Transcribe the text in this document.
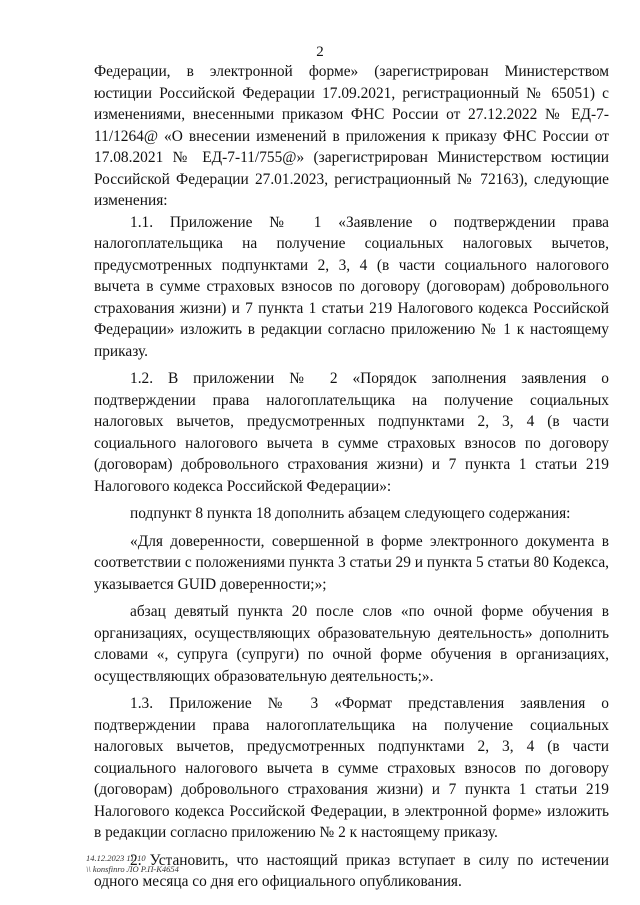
2

Федерации, в электронной форме» (зарегистрирован Министерством юстиции Российской Федерации 17.09.2021, регистрационный № 65051) с изменениями, внесенными приказом ФНС России от 27.12.2022 № ЕД-7-11/1264@ «О внесении изменений в приложения к приказу ФНС России от 17.08.2021 № ЕД-7-11/755@» (зарегистрирован Министерством юстиции Российской Федерации 27.01.2023, регистрационный № 72163), следующие изменения:

1.1. Приложение № 1 «Заявление о подтверждении права налогоплательщика на получение социальных налоговых вычетов, предусмотренных подпунктами 2, 3, 4 (в части социального налогового вычета в сумме страховых взносов по договору (договорам) добровольного страхования жизни) и 7 пункта 1 статьи 219 Налогового кодекса Российской Федерации» изложить в редакции согласно приложению № 1 к настоящему приказу.

1.2. В приложении № 2 «Порядок заполнения заявления о подтверждении права налогоплательщика на получение социальных налоговых вычетов, предусмотренных подпунктами 2, 3, 4 (в части социального налогового вычета в сумме страховых взносов по договору (договорам) добровольного страхования жизни) и 7 пункта 1 статьи 219 Налогового кодекса Российской Федерации»:

подпункт 8 пункта 18 дополнить абзацем следующего содержания:

«Для доверенности, совершенной в форме электронного документа в соответствии с положениями пункта 3 статьи 29 и пункта 5 статьи 80 Кодекса, указывается GUID доверенности;»;

абзац девятый пункта 20 после слов «по очной форме обучения в организациях, осуществляющих образовательную деятельность» дополнить словами «, супруга (супруги) по очной форме обучения в организациях, осуществляющих образовательную деятельность;».

1.3. Приложение № 3 «Формат представления заявления о подтверждении права налогоплательщика на получение социальных налоговых вычетов, предусмотренных подпунктами 2, 3, 4 (в части социального налогового вычета в сумме страховых взносов по договору (договорам) добровольного страхования жизни) и 7 пункта 1 статьи 219 Налогового кодекса Российской Федерации, в электронной форме» изложить в редакции согласно приложению № 2 к настоящему приказу.

2. Установить, что настоящий приказ вступает в силу по истечении одного месяца со дня его официального опубликования.

14.12.2023 11:10
\\ konsfinro ЛО Р.П-К4654
